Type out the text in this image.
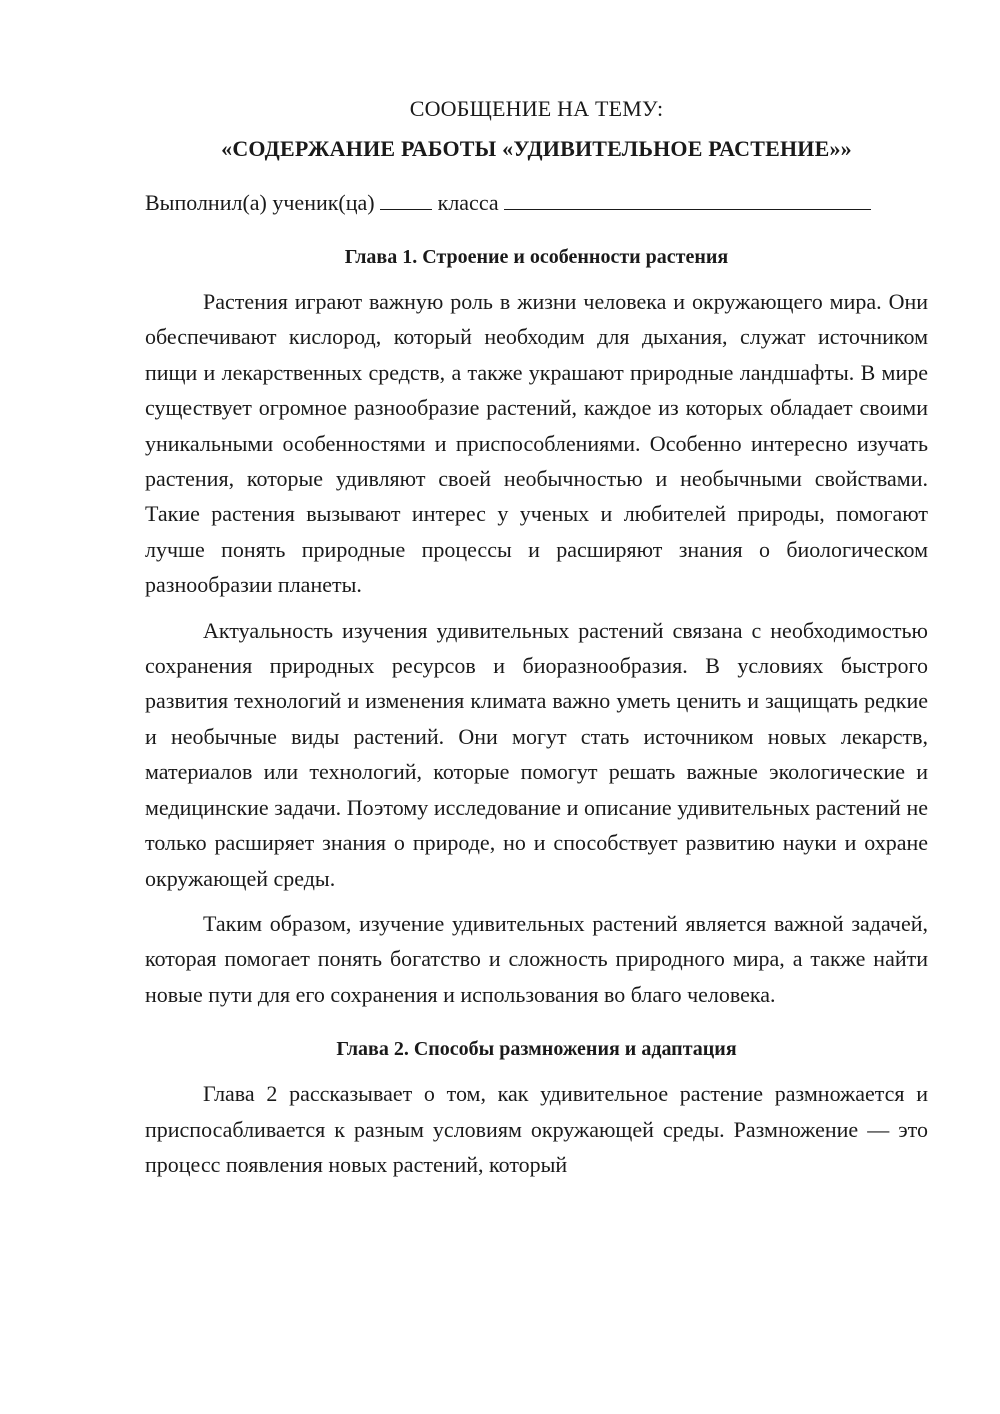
СООБЩЕНИЕ НА ТЕМУ:

«СОДЕРЖАНИЕ РАБОТЫ «УДИВИТЕЛЬНОЕ РАСТЕНИЕ»»

Выполнил(а) ученик(ца)	класса

Глава 1. Строение и особенности растения

Растения играют важную роль в жизни человека и окружающего мира. Они обеспечивают кислород, который необходим для дыхания, служат источником пищи и лекарственных средств, а также украшают природные ландшафты. В мире существует огромное разнообразие растений, каждое из которых обладает своими уникальными особенностями и приспособлениями. Особенно интересно изучать растения, которые удивляют своей необычностью и необычными свойствами. Такие растения вызывают интерес у ученых и любителей природы, помогают лучше понять природные процессы и расширяют знания о биологическом разнообразии планеты.

Актуальность изучения удивительных растений связана с необходимостью сохранения природных ресурсов и биоразнообразия. В условиях быстрого развития технологий и изменения климата важно уметь ценить и защищать редкие и необычные виды растений. Они могут стать источником новых лекарств, материалов или технологий, которые помогут решать важные экологические и медицинские задачи. Поэтому исследование и описание удивительных растений не только расширяет знания о природе, но и способствует развитию науки и охране окружающей среды.

Таким образом, изучение удивительных растений является важной задачей, которая помогает понять богатство и сложность природного мира, а также найти новые пути для его сохранения и использования во благо человека.

Глава 2. Способы размножения и адаптация

Глава 2 рассказывает о том, как удивительное растение размножается и приспосабливается к разным условиям окружающей среды. Размножение — это процесс появления новых растений, который
